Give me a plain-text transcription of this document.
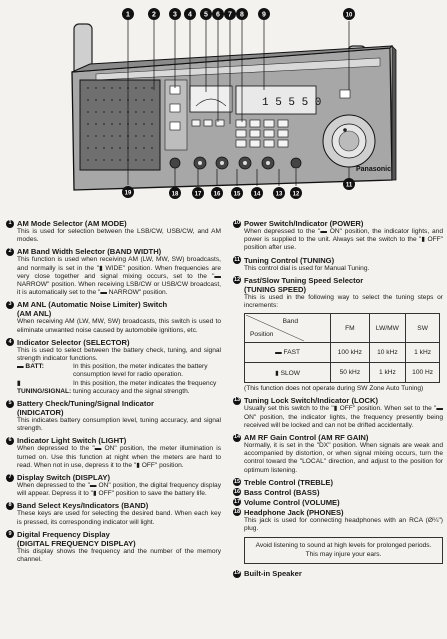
1 5 5 5 0
Panasonic
1	2 3 4 5 6 7 8	9	10
11
12
13
14
15
16
17
18
19
1 AM Mode Selector (AM MODE)
This is used for selection between the LSB/CW, USB/CW, and AM modes.
2 AM Band Width Selector (BAND WIDTH)
This function is used when receiving AM (LW, MW, SW) broadcasts, and normally is set in the "▮ WIDE" position. When frequencies are very close together and signal mixing occurs, set to the "▬ NARROW" position. When receiving LSB/CW or USB/CW broadcast, it is automatically set to the "▬ NARROW" position.
3 AM ANL (Automatic Noise Limiter) Switch
(AM ANL)
When receiving AM (LW, MW, SW) broadcasts, this switch is used to eliminate unwanted noise caused by automobile ignitions, etc.
4 Indicator Selector (SELECTOR)
This is used to select between the battery check, tuning, and signal strength indicator functions.
▬ BATT:	In this position, the meter indicates the battery consumption level for radio operation.
▮ TUNING/SIGNAL:
In this position, the meter indicates the frequency tuning accuracy and the signal strength.
5 Battery Check/Tuning/Signal Indicator
(INDICATOR)
This indicates battery consumption level, tuning accuracy, and signal strength.
6 Indicator Light Switch (LIGHT)
When depressed to the "▬ ON" position, the meter illumination is turned on. Use this function at night when the meters are hard to read. When not in use, depress it to the "▮ OFF" position.
7 Display Switch (DISPLAY)
When depressed to the "▬ ON" position, the digital frequency display will appear. Depress it to "▮ OFF" position to save the battery life.
8 Band Select Keys/Indicators (BAND)
These keys are used for selecting the desired band. When each key is pressed, its corresponding indicator will light.
9 Digital Frequency Display
(DIGITAL FREQUENCY DISPLAY)
This display shows the frequency and the number of the memory channel.
10 Power Switch/Indicator (POWER)
When depressed to the "▬ ON" position, the indicator lights, and power is supplied to the unit. Always set the switch to the "▮ OFF" position after use.
11 Tuning Control (TUNING)
This control dial is used for Manual Tuning.
12 Fast/Slow Tuning Speed Selector
(TUNING SPEED)
This is used in the following way to select the tuning steps or increments:
Band
Position	FM	LW/MW	SW
▬ FAST	100 kHz	10 kHz	1 kHz
▮ SLOW	50 kHz	1 kHz	100 Hz
(This function does not operate during SW Zone Auto Tuning)
13 Tuning Lock Switch/Indicator (LOCK)
Usually set this switch to the "▮ OFF" position. When set to the "▬ ON" position, the indicator lights, the frequency presently being received will be locked and can not be drifted accidentally.
14 AM RF Gain Control (AM RF GAIN)
Normally, it is set in the "DX" position. When signals are weak and accompanied by distortion, or when signal mixing occurs, turn the control toward the "LOCAL" direction, and adjust to the position for optimum listening.
15 Treble Control (TREBLE)
16 Bass Control (BASS)
17 Volume Control (VOLUME)
18 Headphone Jack (PHONES)
This jack is used for connecting headphones with an RCA (Ø¼") plug.
Avoid listening to sound at high levels for prolonged periods. This may injure your ears.
19 Built-in Speaker
